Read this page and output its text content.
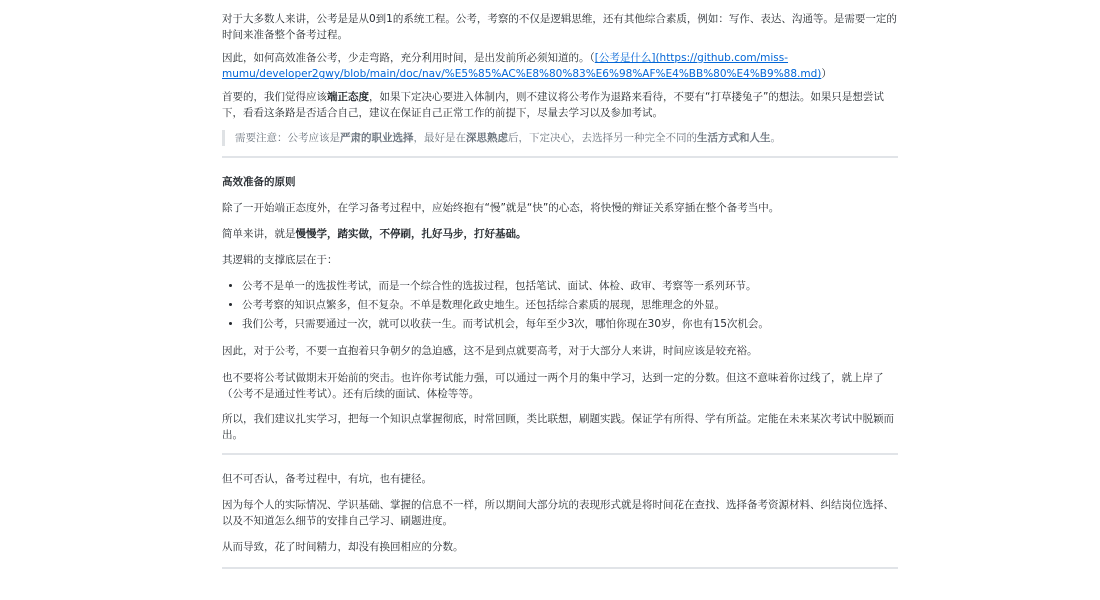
对于大多数人来讲，公考是是从0到1的系统工程。公考，考察的不仅是逻辑思维，还有其他综合素质，例如：写作、表达、沟通等。是需要一定的时间来准备整个备考过程。

因此，如何高效准备公考，少走弯路，充分利用时间，是出发前所必须知道的。（[公考是什么](https://github.com/miss-mumu/developer2gwy/blob/main/doc/nav/%E5%85%AC%E8%80%83%E6%98%AF%E4%BB%80%E4%B9%88.md)）

首要的，我们觉得应该端正态度，如果下定决心要进入体制内，则不建议将公考作为退路来看待，不要有“打草搂兔子”的想法。如果只是想尝试下，看看这条路是否适合自己，建议在保证自己正常工作的前提下，尽量去学习以及参加考试。

需要注意：公考应该是严肃的职业选择，最好是在深思熟虑后，下定决心，去选择另一种完全不同的生活方式和人生。

高效准备的原则

除了一开始端正态度外，在学习备考过程中，应始终抱有“慢”就是“快”的心态，将快慢的辩证关系穿插在整个备考当中。

简单来讲，就是慢慢学，踏实做，不停刷，扎好马步，打好基础。

其逻辑的支撑底层在于：

• 公考不是单一的选拔性考试，而是一个综合性的选拔过程，包括笔试、面试、体检、政审、考察等一系列环节。
• 公考考察的知识点繁多，但不复杂。不单是数理化政史地生。还包括综合素质的展现，思维理念的外显。
• 我们公考，只需要通过一次，就可以收获一生。而考试机会，每年至少3次，哪怕你现在30岁，你也有15次机会。

因此，对于公考，不要一直抱着只争朝夕的急迫感，这不是到点就要高考，对于大部分人来讲，时间应该是较充裕。

也不要将公考试做期末开始前的突击。也许你考试能力强，可以通过一两个月的集中学习，达到一定的分数。但这不意味着你过线了，就上岸了（公考不是通过性考试）。还有后续的面试、体检等等。

所以，我们建议扎实学习，把每一个知识点掌握彻底，时常回顾，类比联想，刷题实践。保证学有所得、学有所益。定能在未来某次考试中脱颖而出。

但不可否认，备考过程中，有坑，也有捷径。

因为每个人的实际情况、学识基础、掌握的信息不一样，所以期间大部分坑的表现形式就是将时间花在查找、选择备考资源材料、纠结岗位选择、以及不知道怎么细节的安排自己学习、刷题进度。

从而导致，花了时间精力，却没有换回相应的分数。
